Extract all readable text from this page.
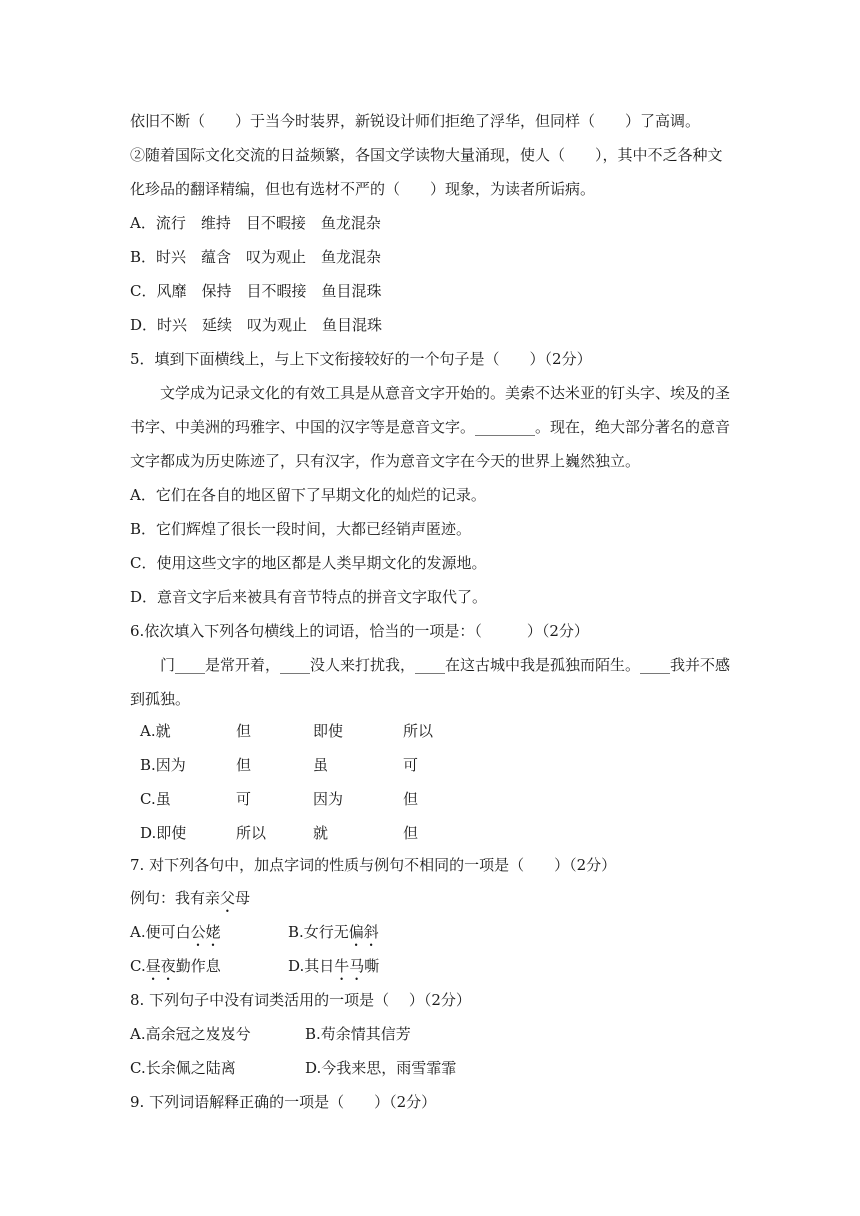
依旧不断（　　）于当今时装界，新锐设计师们拒绝了浮华，但同样（　　）了高调。
②随着国际文化交流的日益频繁，各国文学读物大量涌现，使人（　　），其中不乏各种文
化珍品的翻译精编，但也有选材不严的（　　）现象，为读者所诟病。
A．流行　维持　目不暇接　鱼龙混杂
B．时兴　蕴含　叹为观止　鱼龙混杂
C．风靡　保持　目不暇接　鱼目混珠
D．时兴　延续　叹为观止　鱼目混珠
5．填到下面横线上，与上下文衔接较好的一个句子是（　　）（2分）
　　文学成为记录文化的有效工具是从意音文字开始的。美索不达米亚的钉头字、埃及的圣
书字、中美洲的玛雅字、中国的汉字等是意音文字。________。现在，绝大部分著名的意音
文字都成为历史陈迹了，只有汉字，作为意音文字在今天的世界上巍然独立。
A．它们在各自的地区留下了早期文化的灿烂的记录。
B．它们辉煌了很长一段时间，大都已经销声匿迹。
C．使用这些文字的地区都是人类早期文化的发源地。
D．意音文字后来被具有音节特点的拼音文字取代了。
6.依次填入下列各句横线上的词语，恰当的一项是：（　　　）（2分）
　　门____是常开着，____没人来打扰我，____在这古城中我是孤独而陌生。____我并不感
到孤独。
A.就	但	即使	所以
B.因为	但	虽	可
C.虽	可	因为	但
D.即使	所以	就	但
7. 对下列各句中，加点字词的性质与例句不相同的一项是（　　）（2分）
例句：我有亲父母
A.便可白公姥	B.女行无偏斜
C.昼夜勤作息	D.其日牛马嘶
8. 下列句子中没有词类活用的一项是（　 ）（2分）
A.高余冠之岌岌兮	B.苟余情其信芳
C.长余佩之陆离	D.今我来思，雨雪霏霏
9. 下列词语解释正确的一项是（　　）（2分）
